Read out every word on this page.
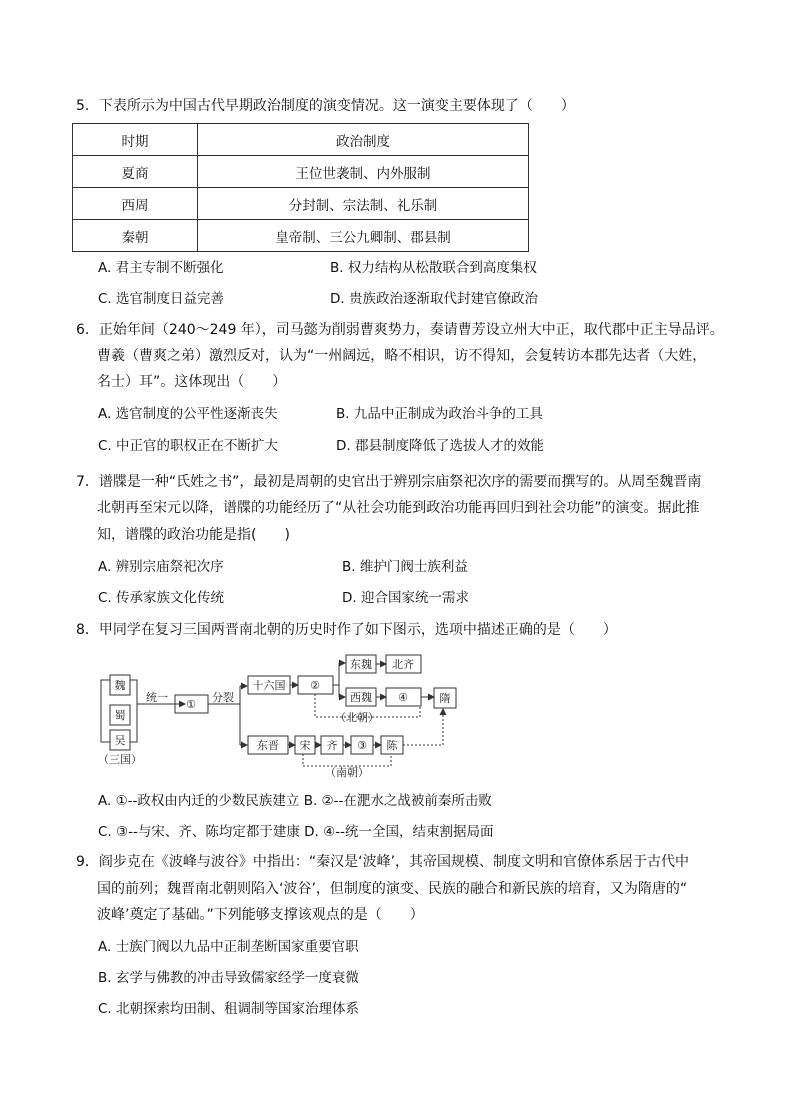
5．下表所示为中国古代早期政治制度的演变情况。这一演变主要体现了（　　）
时期	政治制度
夏商	王位世袭制、内外服制
西周	分封制、宗法制、礼乐制
秦朝	皇帝制、三公九卿制、郡县制
A. 君主专制不断强化	B. 权力结构从松散联合到高度集权
C. 选官制度日益完善	D. 贵族政治逐渐取代封建官僚政治
6．正始年间（240～249 年），司马懿为削弱曹爽势力，奏请曹芳设立州大中正，取代郡中正主导品评。
曹羲（曹爽之弟）激烈反对，认为“一州阔远，略不相识，访不得知，会复转访本郡先达者（大姓，
名士）耳”。这体现出（　　）
A. 选官制度的公平性逐渐丧失	B. 九品中正制成为政治斗争的工具
C. 中正官的职权正在不断扩大	D. 郡县制度降低了选拔人才的效能
7．谱牒是一种“氏姓之书”，最初是周朝的史官出于辨别宗庙祭祀次序的需要而撰写的。从周至魏晋南
北朝再至宋元以降，谱牒的功能经历了“从社会功能到政治功能再回归到社会功能”的演变。据此推
知，谱牒的政治功能是指(　　)
A. 辨别宗庙祭祀次序	B. 维护门阀士族利益
C. 传承家族文化传统	D. 迎合国家统一需求
8．甲同学在复习三国两晋南北朝的历史时作了如下图示，选项中描述正确的是（　　）
魏
蜀
吴
（三国）
统一
①
分裂
十六国 ②
东魏 北齐
西魏 ④	隋
（北朝）
东晋 宋 齐 ③ 陈
（南朝）
A. ①--政权由内迁的少数民族建立 B. ②--在淝水之战被前秦所击败
C. ③--与宋、齐、陈均定都于建康 D. ④--统一全国，结束割据局面
9．阎步克在《波峰与波谷》中指出：“秦汉是‘波峰’，其帝国规模、制度文明和官僚体系居于古代中
国的前列；魏晋南北朝则陷入‘波谷’，但制度的演变、民族的融合和新民族的培育，又为隋唐的“
波峰’奠定了基础。”下列能够支撑该观点的是（　　）
A. 士族门阀以九品中正制垄断国家重要官职
B. 玄学与佛教的冲击导致儒家经学一度衰微
C. 北朝探索均田制、租调制等国家治理体系
